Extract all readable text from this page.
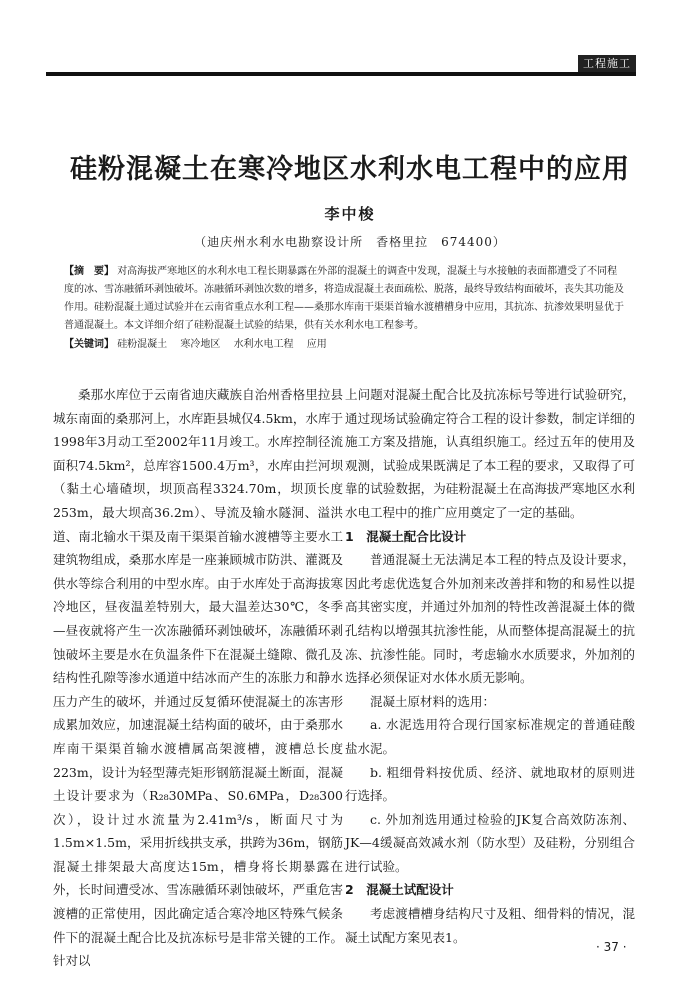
工程施工
硅粉混凝土在寒冷地区水利水电工程中的应用
李中梭
（迪庆州水利水电勘察设计所　香格里拉　674400）
【摘　要】 对高海拔严寒地区的水利水电工程长期暴露在外部的混凝土的调查中发现，混凝土与水接触的表面都遭受了不同程度的冰、雪冻融循环剥蚀破坏。冻融循环剥蚀次数的增多，将造成混凝土表面疏松、脱落，最终导致结构面破坏，丧失其功能及作用。硅粉混凝土通过试验并在云南省重点水利工程——桑那水库南干渠渠首输水渡槽槽身中应用，其抗冻、抗渗效果明显优于普通混凝土。本文详细介绍了硅粉混凝土试验的结果，供有关水利水电工程参考。
【关键词】 硅粉混凝土 寒冷地区 水利水电工程 应用

桑那水库位于云南省迪庆藏族自治州香格里拉县城东南面的桑那河上，水库距县城仅4.5km，水库于1998年3月动工至2002年11月竣工。水库控制径流面积74.5km²，总库容1500.4万m³，水库由拦河坝（黏土心墙碴坝，坝顶高程3324.70m，坝顶长度253m，最大坝高36.2m）、导流及输水隧洞、溢洪道、南北输水干渠及南干渠渠首输水渡槽等主要水工建筑物组成，桑那水库是一座兼顾城市防洪、灌溉及供水等综合利用的中型水库。由于水库处于高海拔寒冷地区，昼夜温差特别大，最大温差达30℃，冬季—昼夜就将产生一次冻融循环剥蚀破坏，冻融循环剥蚀破坏主要是水在负温条件下在混凝土缝隙、微孔及结构性孔隙等渗水通道中结冰而产生的冻胀力和静水压力产生的破坏，并通过反复循环使混凝土的冻害形成累加效应，加速混凝土结构面的破坏，由于桑那水库南干渠渠首输水渡槽属高架渡槽，渡槽总长度223m，设计为轻型薄壳矩形钢筋混凝土断面，混凝土设计要求为（R₂₈30MPa、S0.6MPa，D₂₈300次），设计过水流量为2.41m³/s，断面尺寸为1.5m×1.5m，采用折线拱支承，拱跨为36m，钢筋混凝土排架最大高度达15m，槽身将长期暴露在外，长时间遭受冰、雪冻融循环剥蚀破坏，严重危害渡槽的正常使用，因此确定适合寒冷地区特殊气候条件下的混凝土配合比及抗冻标号是非常关键的工作。针对以

上问题对混凝土配合比及抗冻标号等进行试验研究，通过现场试验确定符合工程的设计参数，制定详细的施工方案及措施，认真组织施工。经过五年的使用及观测，试验成果既满足了本工程的要求，又取得了可靠的试验数据，为硅粉混凝土在高海拔严寒地区水利水电工程中的推广应用奠定了一定的基础。

1　混凝土配合比设计

普通混凝土无法满足本工程的特点及设计要求，因此考虑优选复合外加剂来改善拌和物的和易性以提高其密实度，并通过外加剂的特性改善混凝土体的微孔结构以增强其抗渗性能，从而整体提高混凝土的抗冻、抗渗性能。同时，考虑输水水质要求，外加剂的选择必须保证对水体水质无影响。

混凝土原材料的选用：

a. 水泥选用符合现行国家标准规定的普通硅酸盐水泥。

b. 粗细骨料按优质、经济、就地取材的原则进行选择。

c. 外加剂选用通过检验的JK复合高效防冻剂、JK—4缓凝高效减水剂（防水型）及硅粉，分别组合进行试验。

2　混凝土试配设计

考虑渡槽槽身结构尺寸及粗、细骨料的情况，混凝土试配方案见表1。

· 37 ·
